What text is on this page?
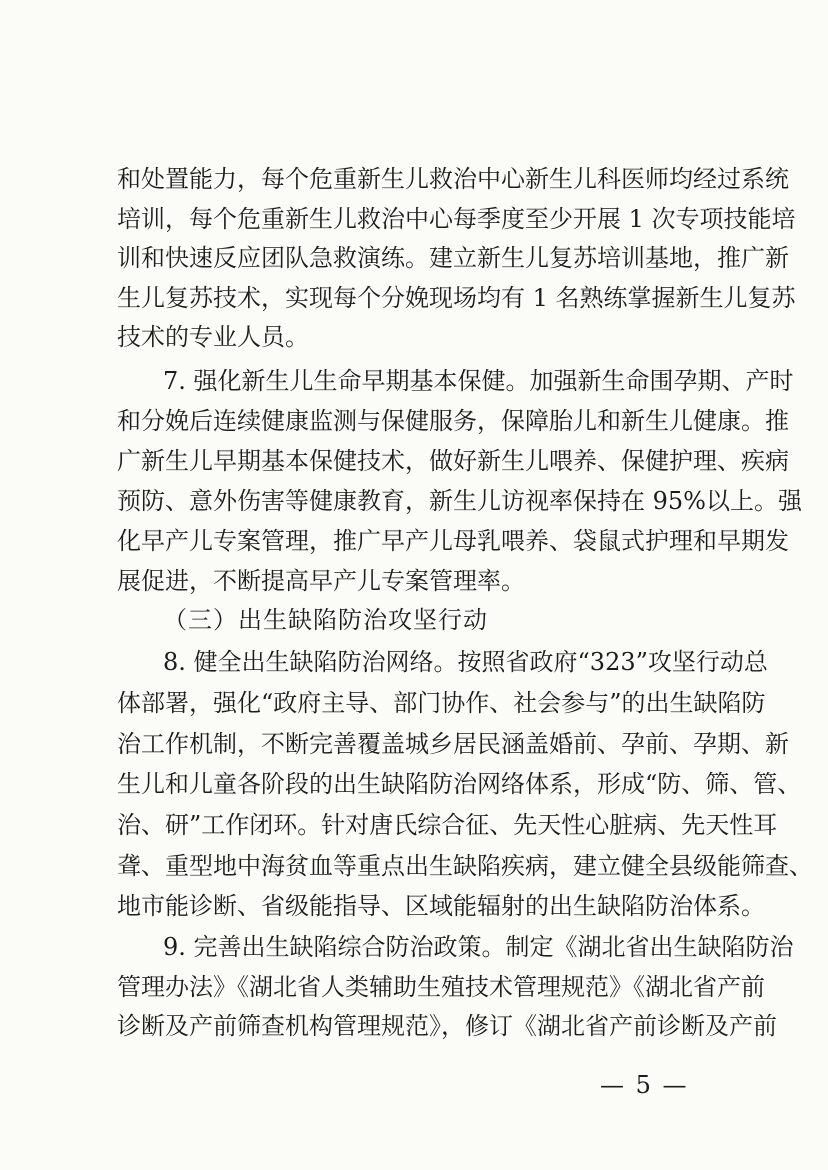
和处置能力，每个危重新生儿救治中心新生儿科医师均经过系统
培训，每个危重新生儿救治中心每季度至少开展 1 次专项技能培
训和快速反应团队急救演练。建立新生儿复苏培训基地，推广新
生儿复苏技术，实现每个分娩现场均有 1 名熟练掌握新生儿复苏
技术的专业人员。
7. 强化新生儿生命早期基本保健。加强新生命围孕期、产时
和分娩后连续健康监测与保健服务，保障胎儿和新生儿健康。推
广新生儿早期基本保健技术，做好新生儿喂养、保健护理、疾病
预防、意外伤害等健康教育，新生儿访视率保持在 95%以上。强
化早产儿专案管理，推广早产儿母乳喂养、袋鼠式护理和早期发
展促进，不断提高早产儿专案管理率。
（三）出生缺陷防治攻坚行动
8. 健全出生缺陷防治网络。按照省政府“323”攻坚行动总
体部署，强化“政府主导、部门协作、社会参与”的出生缺陷防
治工作机制，不断完善覆盖城乡居民涵盖婚前、孕前、孕期、新
生儿和儿童各阶段的出生缺陷防治网络体系，形成“防、筛、管、
治、研”工作闭环。针对唐氏综合征、先天性心脏病、先天性耳
聋、重型地中海贫血等重点出生缺陷疾病，建立健全县级能筛查、
地市能诊断、省级能指导、区域能辐射的出生缺陷防治体系。
9. 完善出生缺陷综合防治政策。制定《湖北省出生缺陷防治
管理办法》《湖北省人类辅助生殖技术管理规范》《湖北省产前
诊断及产前筛查机构管理规范》，修订《湖北省产前诊断及产前
— 5 —
